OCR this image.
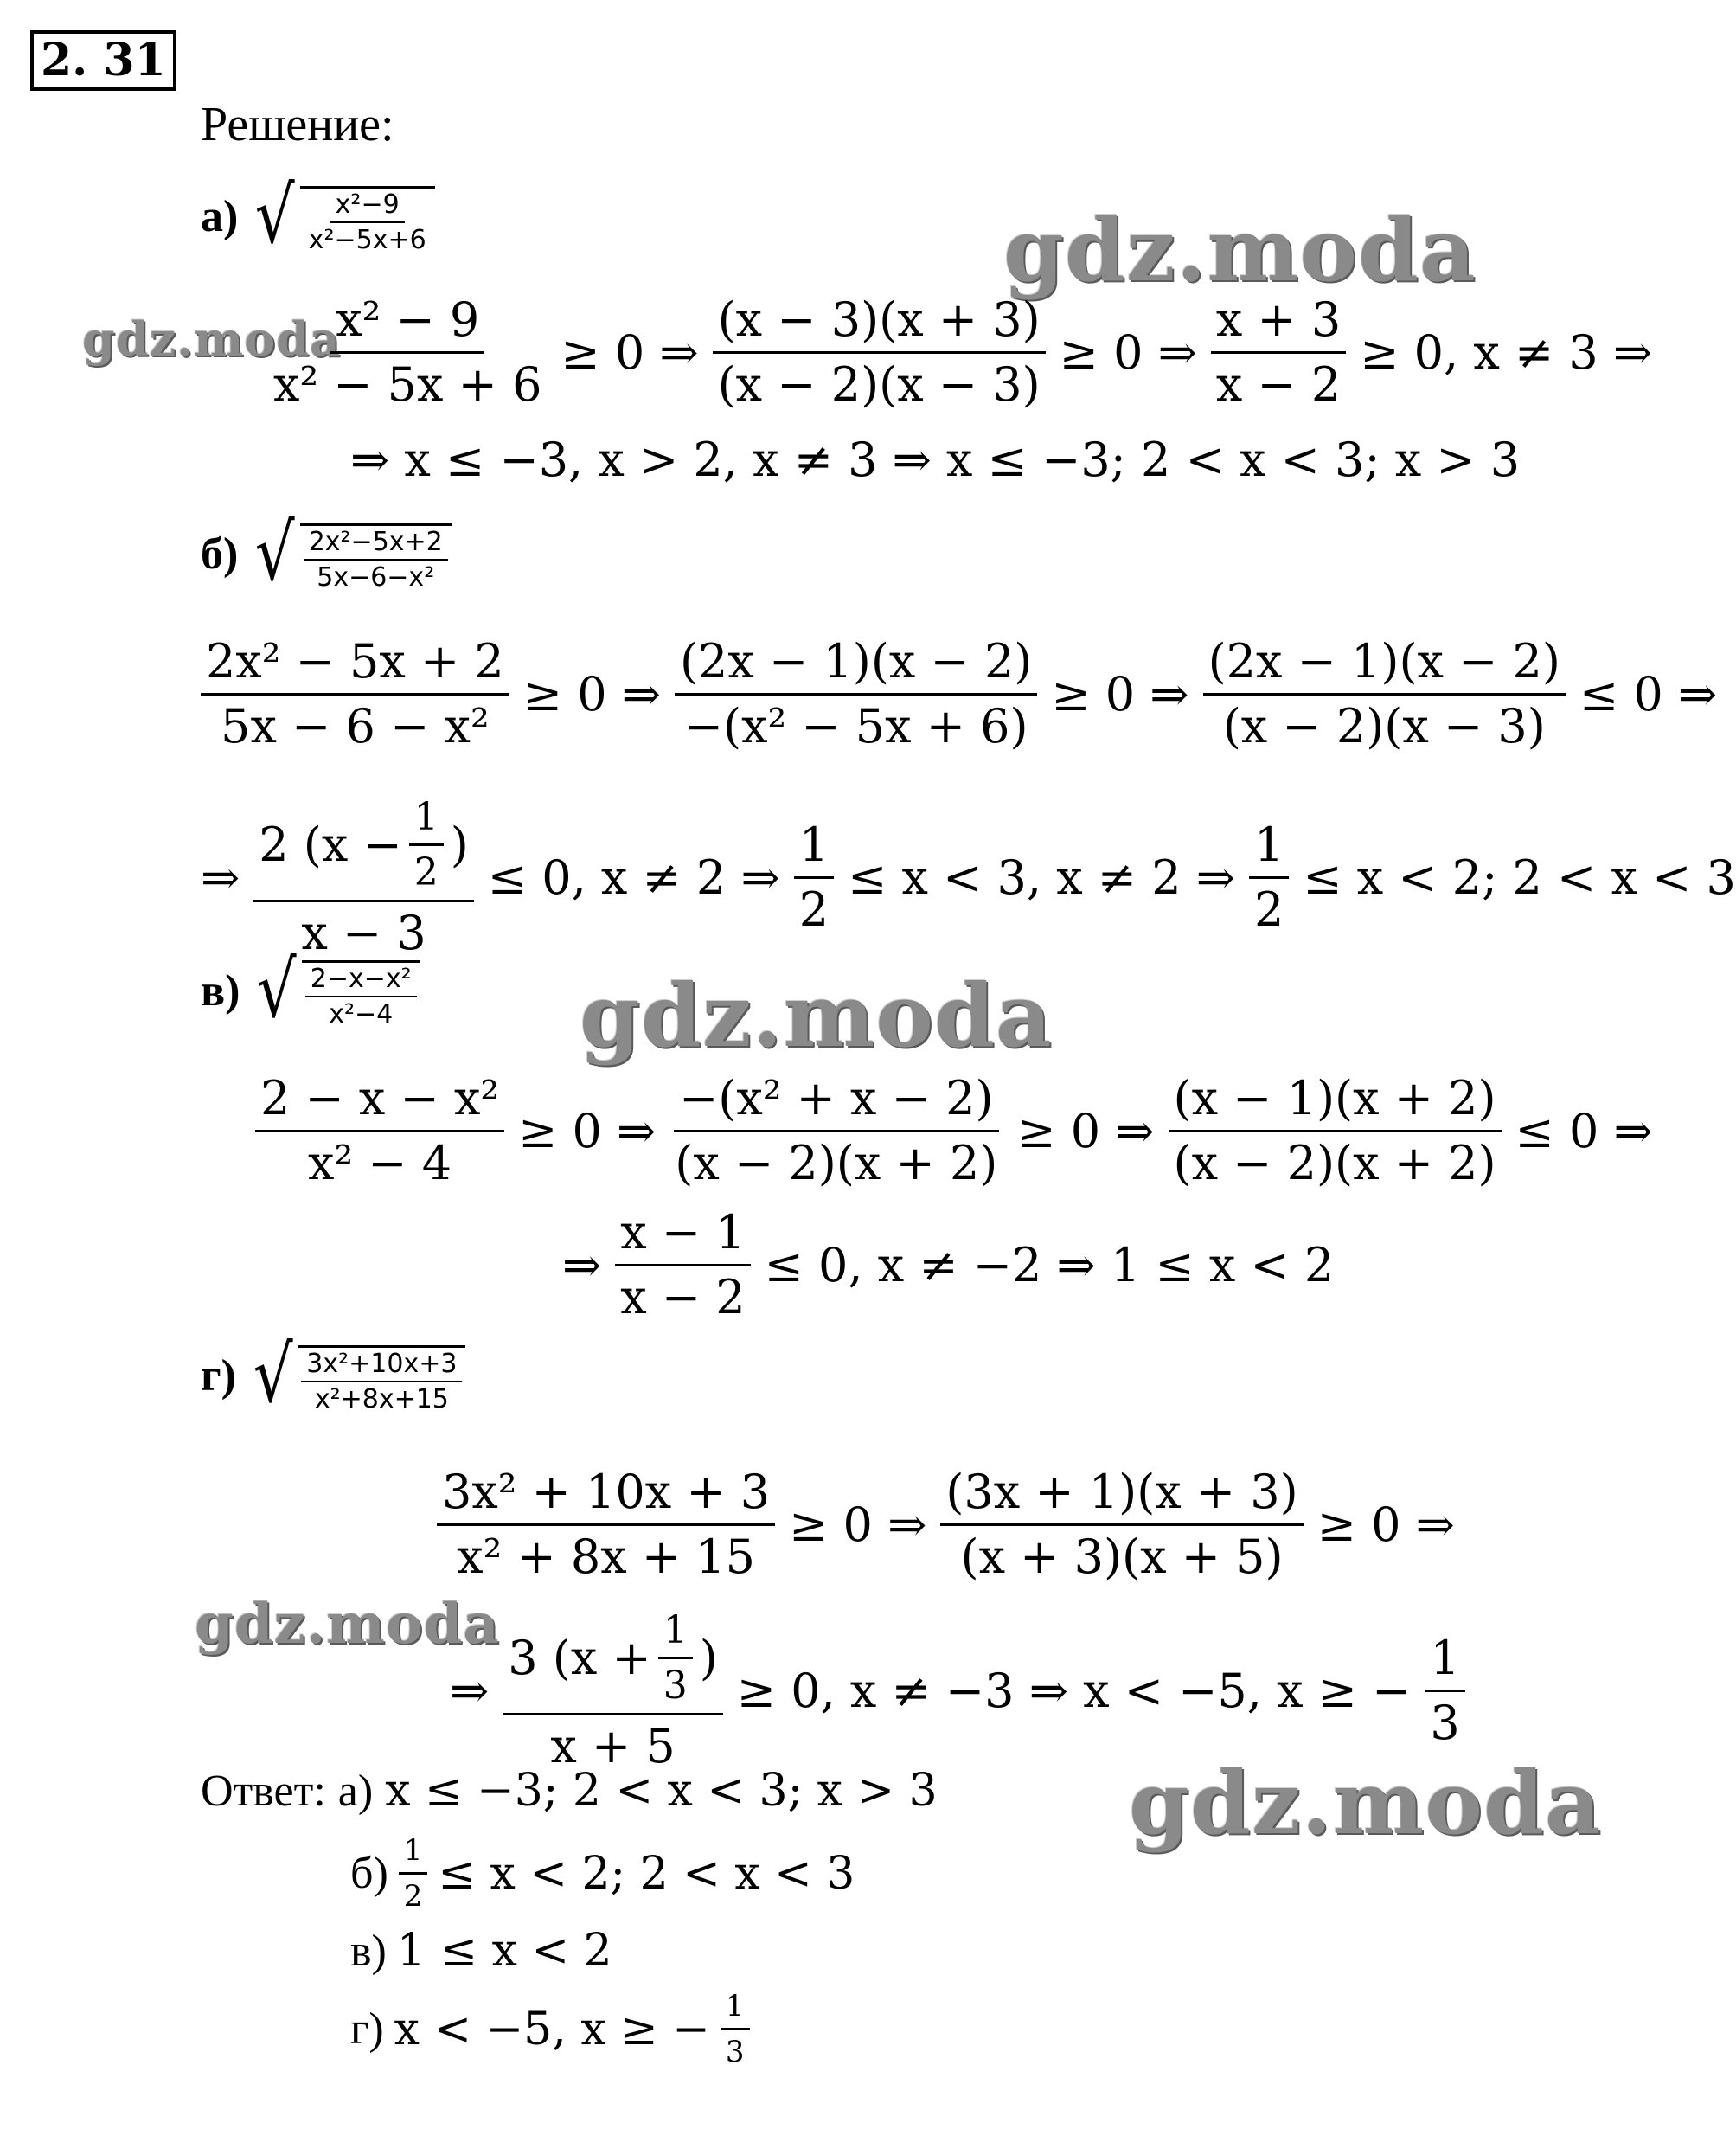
2. 31
Решение:
gdz.moda
gdz.moda
gdz.moda
gdz.moda
gdz.moda
а) √ $\frac{\text{x²−9}}{\text{x²−5x+6}}$
$\frac{\text{x² − 9}}{\text{x² − 5x + 6}} \ge 0$ ⇒ $\frac{(x - 3)(x + 3)}{(x - 2)(x - 3)} \ge 0$ ⇒ $\frac{x + 3}{x - 2} \ge 0$, x ≠ 3 ⇒
⇒ x ≤ −3, x > 2, x ≠ 3 ⇒ x ≤ −3; 2 < x < 3; x > 3
б) √ $\frac{\text{2x²−5x+2}}{\text{5x−6−x²}}$
$\frac{\text{2x² − 5x + 2}}{\text{5x − 6 − x²}} \ge 0$ ⇒ $\frac{(2x - 1)(x - 2)}{\text{−(x² − 5x + 6)}} \ge 0$ ⇒ $\frac{(2x - 1)(x - 2)}{(x - 2)(x - 3)} \le 0$ ⇒
⇒ $\frac{2 (x - \frac{1}{2} )}{x - 3} \le 0$, x ≠ 2 ⇒ $\frac{1}{2} \le x < 3$, x ≠ 2 ⇒ $\frac{1}{2} \le x < 2$; 2 < x < 3
в) √ $\frac{\text{2−x−x²}}{\text{x²−4}}$
$\frac{\text{2 − x − x²}}{\text{x² − 4}} \ge 0$ ⇒ $\frac{\text{−(x² + x − 2)}}{(x - 2)(x + 2)} \ge 0$ ⇒ $\frac{(x - 1)(x + 2)}{(x - 2)(x + 2)} \le 0$ ⇒
⇒ $\frac{x - 1}{x - 2} \le 0$, x ≠ −2 ⇒ 1 ≤ x < 2
г) √ $\frac{\text{3x²+10x+3}}{\text{x²+8x+15}}$
$\frac{\text{3x² + 10x + 3}}{\text{x² + 8x + 15}} \ge 0$ ⇒ $\frac{(3x + 1)(x + 3)}{(x + 3)(x + 5)} \ge 0$ ⇒
⇒ $\frac{3 (x + \frac{1}{3} )}{x + 5} \ge 0$, x ≠ −3 ⇒ x < −5, x ≥ − $\frac{1}{3}$
Ответ: а) x ≤ −3; 2 < x < 3; x > 3
$б) \frac{1}{2} \le x < 2$; 2 < x < 3
в) 1 ≤ x < 2
г) x < −5, x ≥ − $\frac{1}{3}$
